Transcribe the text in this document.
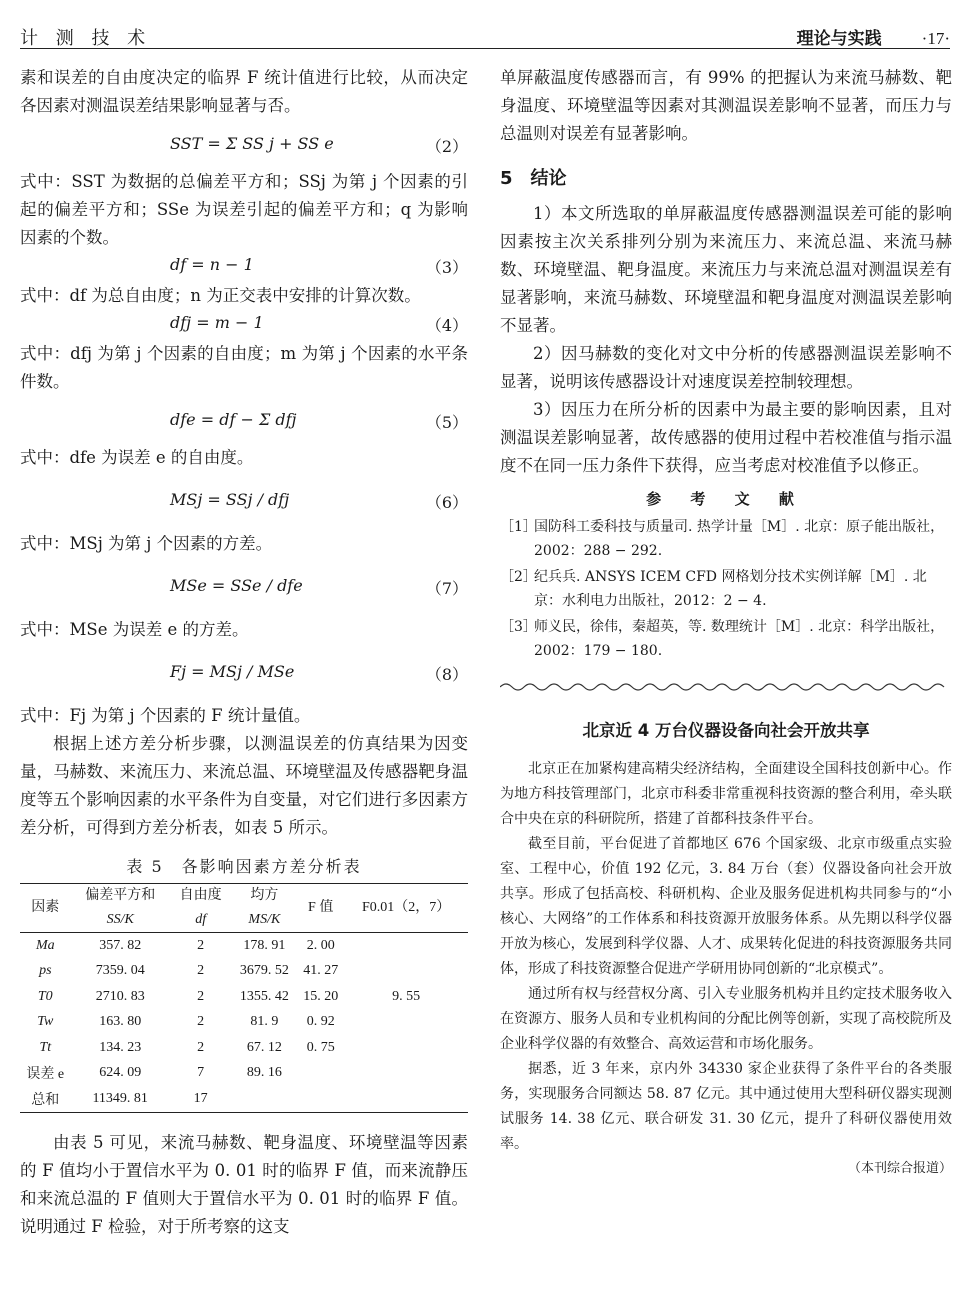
计 测 技 术	理论与实践 ·17·

素和误差的自由度决定的临界 F 统计值进行比较，从而决定各因素对测温误差结果影响显著与否。

SST = Σ SS j + SS e	（2）

式中：SST 为数据的总偏差平方和；SSj 为第 j 个因素的引起的偏差平方和；SSe 为误差引起的偏差平方和；q 为影响因素的个数。

df = n − 1	（3）

式中：df 为总自由度；n 为正交表中安排的计算次数。

dfj = m − 1	（4）

式中：dfj 为第 j 个因素的自由度；m 为第 j 个因素的水平条件数。

dfe = df − Σ dfj	（5）

式中：dfe 为误差 e 的自由度。

MSj = SSj / dfj	（6）

式中：MSj 为第 j 个因素的方差。

MSe = SSe / dfe	（7）

式中：MSe 为误差 e 的方差。

Fj = MSj / MSe	（8）

式中：Fj 为第 j 个因素的 F 统计量值。

根据上述方差分析步骤，以测温误差的仿真结果为因变量，马赫数、来流压力、来流总温、环境壁温及传感器靶身温度等五个影响因素的水平条件为自变量，对它们进行多因素方差分析，可得到方差分析表，如表 5 所示。

表 5　各影响因素方差分析表
因素	偏差平方和	自由度	均方	F 值	F0.01（2，7）
	SS/K	df	MS/K		
Ma	357. 82	2	178. 91	2. 00	
ps	7359. 04	2	3679. 52	41. 27	
T0	2710. 83	2	1355. 42	15. 20	9. 55
Tw	163. 80	2	81. 9	0. 92	
Tt	134. 23	2	67. 12	0. 75	
误差 e	624. 09	7	89. 16		
总和	11349. 81	17			

由表 5 可见，来流马赫数、靶身温度、环境壁温等因素的 F 值均小于置信水平为 0. 01 时的临界 F 值，而来流静压和来流总温的 F 值则大于置信水平为 0. 01 时的临界 F 值。说明通过 F 检验，对于所考察的这支

单屏蔽温度传感器而言，有 99% 的把握认为来流马赫数、靶身温度、环境壁温等因素对其测温误差影响不显著，而压力与总温则对误差有显著影响。

5　结论

1）本文所选取的单屏蔽温度传感器测温误差可能的影响因素按主次关系排列分别为来流压力、来流总温、来流马赫数、环境壁温、靶身温度。来流压力与来流总温对测温误差有显著影响，来流马赫数、环境壁温和靶身温度对测温误差影响不显著。

2）因马赫数的变化对文中分析的传感器测温误差影响不显著，说明该传感器设计对速度误差控制较理想。

3）因压力在所分析的因素中为最主要的影响因素，且对测温误差影响显著，故传感器的使用过程中若校准值与指示温度不在同一压力条件下获得，应当考虑对校准值予以修正。

参 考 文 献
［1］
国防科工委科技与质量司. 热学计量［M］. 北京：原子能出版社，2002：288 − 292.
［2］
纪兵兵. ANSYS ICEM CFD 网格划分技术实例详解［M］. 北京：水利电力出版社，2012：2 − 4.
［3］
师义民，徐伟，秦超英，等. 数理统计［M］. 北京：科学出版社，2002：179 − 180.
北京近 4 万台仪器设备向社会开放共享

北京正在加紧构建高精尖经济结构，全面建设全国科技创新中心。作为地方科技管理部门，北京市科委非常重视科技资源的整合利用，牵头联合中央在京的科研院所，搭建了首都科技条件平台。

截至目前，平台促进了首都地区 676 个国家级、北京市级重点实验室、工程中心，价值 192 亿元，3. 84 万台（套）仪器设备向社会开放共享。形成了包括高校、科研机构、企业及服务促进机构共同参与的“小核心、大网络”的工作体系和科技资源开放服务体系。从先期以科学仪器开放为核心，发展到科学仪器、人才、成果转化促进的科技资源服务共同体，形成了科技资源整合促进产学研用协同创新的“北京模式”。

通过所有权与经营权分离、引入专业服务机构并且约定技术服务收入在资源方、服务人员和专业机构间的分配比例等创新，实现了高校院所及企业科学仪器的有效整合、高效运营和市场化服务。

据悉，近 3 年来，京内外 34330 家企业获得了条件平台的各类服务，实现服务合同额达 58. 87 亿元。其中通过使用大型科研仪器实现测试服务 14. 38 亿元、联合研发 31. 30 亿元，提升了科研仪器使用效率。

（本刊综合报道）
